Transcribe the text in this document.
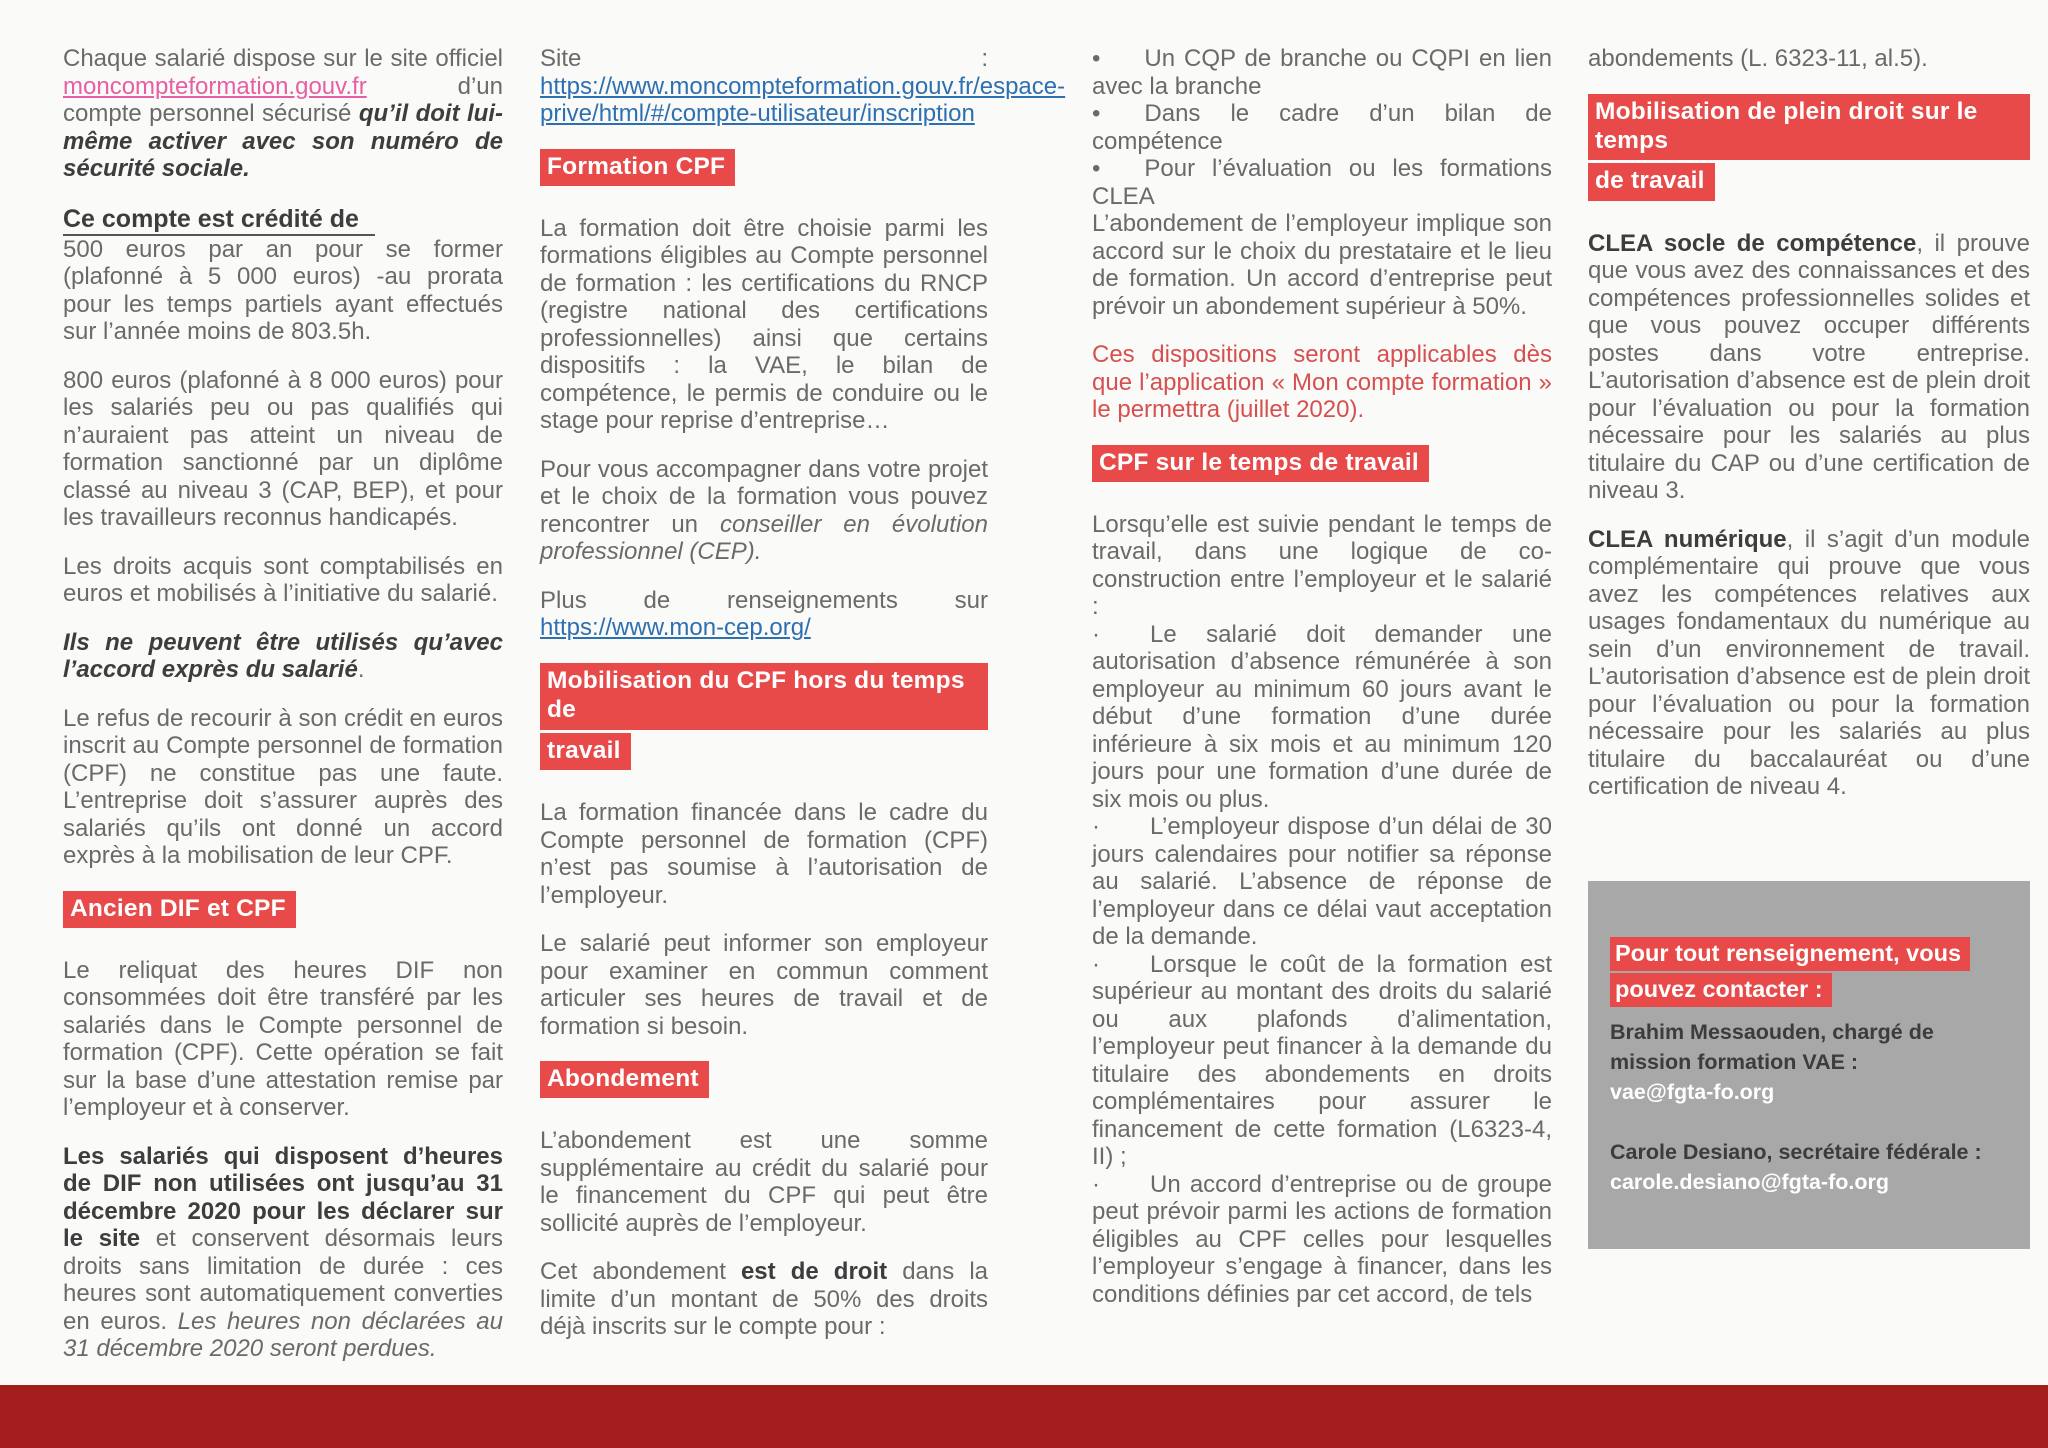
Chaque salarié dispose sur le site officiel moncompteformation.gouv.fr d’un compte personnel sécurisé qu’il doit lui-même activer avec son numéro de sécurité sociale.

Ce compte est crédité de

500 euros par an pour se former (plafonné à 5 000 euros) -au prorata pour les temps partiels ayant effectués sur l’année moins de 803.5h.

800 euros (plafonné à 8 000 euros) pour les salariés peu ou pas qualifiés qui n’auraient pas atteint un niveau de formation sanctionné par un diplôme classé au niveau 3 (CAP, BEP), et pour les travailleurs reconnus handicapés.

Les droits acquis sont comptabilisés en euros et mobilisés à l’initiative du salarié.

Ils ne peuvent être utilisés qu’avec l’accord exprès du salarié.

Le refus de recourir à son crédit en euros inscrit au Compte personnel de formation (CPF) ne constitue pas une faute. L’entreprise doit s’assurer auprès des salariés qu’ils ont donné un accord exprès à la mobilisation de leur CPF.

Ancien DIF et CPF

Le reliquat des heures DIF non consommées doit être transféré par les salariés dans le Compte personnel de formation (CPF). Cette opération se fait sur la base d’une attestation remise par l’employeur et à conserver.

Les salariés qui disposent d’heures de DIF non utilisées ont jusqu’au 31 décembre 2020 pour les déclarer sur le site et conservent désormais leurs droits sans limitation de durée : ces heures sont automatiquement converties en euros. Les heures non déclarées au 31 décembre 2020 seront perdues.

Site : https://www.moncompteformation.gouv.fr/espace-prive/html/#/compte-utilisateur/inscription

Formation CPF

La formation doit être choisie parmi les formations éligibles au Compte personnel de formation : les certifications du RNCP (registre national des certifications professionnelles) ainsi que certains dispositifs : la VAE, le bilan de compétence, le permis de conduire ou le stage pour reprise d’entreprise…

Pour vous accompagner dans votre projet et le choix de la formation vous pouvez rencontrer un conseiller en évolution professionnel (CEP).

Plus de renseignements sur https://www.mon-cep.org/

Mobilisation du CPF hors du temps de
travail

La formation financée dans le cadre du Compte personnel de formation (CPF) n’est pas soumise à l’autorisation de l’employeur.

Le salarié peut informer son employeur pour examiner en commun comment articuler ses heures de travail et de formation si besoin.

Abondement

L’abondement est une somme supplémentaire au crédit du salarié pour le financement du CPF qui peut être sollicité auprès de l’employeur.

Cet abondement est de droit dans la limite d’un montant de 50% des droits déjà inscrits sur le compte pour :

• Un CQP de branche ou CQPI en lien avec la branche

• Dans le cadre d’un bilan de compétence

• Pour l’évaluation ou les formations CLEA

L’abondement de l’employeur implique son accord sur le choix du prestataire et le lieu de formation. Un accord d’entreprise peut prévoir un abondement supérieur à 50%.

Ces dispositions seront applicables dès que l’application « Mon compte formation » le permettra (juillet 2020).

CPF sur le temps de travail

Lorsqu’elle est suivie pendant le temps de travail, dans une logique de co-construction entre l’employeur et le salarié :

· Le salarié doit demander une autorisation d’absence rémunérée à son employeur au minimum 60 jours avant le début d’une formation d’une durée inférieure à six mois et au minimum 120 jours pour une formation d’une durée de six mois ou plus.

· L’employeur dispose d’un délai de 30 jours calendaires pour notifier sa réponse au salarié. L’absence de réponse de l’employeur dans ce délai vaut acceptation de la demande.

· Lorsque le coût de la formation est supérieur au montant des droits du salarié ou aux plafonds d’alimentation, l’employeur peut financer à la demande du titulaire des abondements en droits complémentaires pour assurer le financement de cette formation (L6323-4, II) ;

· Un accord d’entreprise ou de groupe peut prévoir parmi les actions de formation éligibles au CPF celles pour lesquelles l’employeur s’engage à financer, dans les conditions définies par cet accord, de tels

abondements (L. 6323-11, al.5).

Mobilisation de plein droit sur le temps
de travail

CLEA socle de compétence, il prouve que vous avez des connaissances et des compétences professionnelles solides et que vous pouvez occuper différents postes dans votre entreprise. L’autorisation d’absence est de plein droit pour l’évaluation ou pour la formation nécessaire pour les salariés au plus titulaire du CAP ou d’une certification de niveau 3.

CLEA numérique, il s’agit d’un module complémentaire qui prouve que vous avez les compétences relatives aux usages fondamentaux du numérique au sein d’un environnement de travail. L’autorisation d’absence est de plein droit pour l’évaluation ou pour la formation nécessaire pour les salariés au plus titulaire du baccalauréat ou d’une certification de niveau 4.

Pour tout renseignement, vous
pouvez contacter :
Brahim Messaouden, chargé de mission formation VAE :
vae@fgta-fo.org
Carole Desiano, secrétaire fédérale :
carole.desiano@fgta-fo.org
